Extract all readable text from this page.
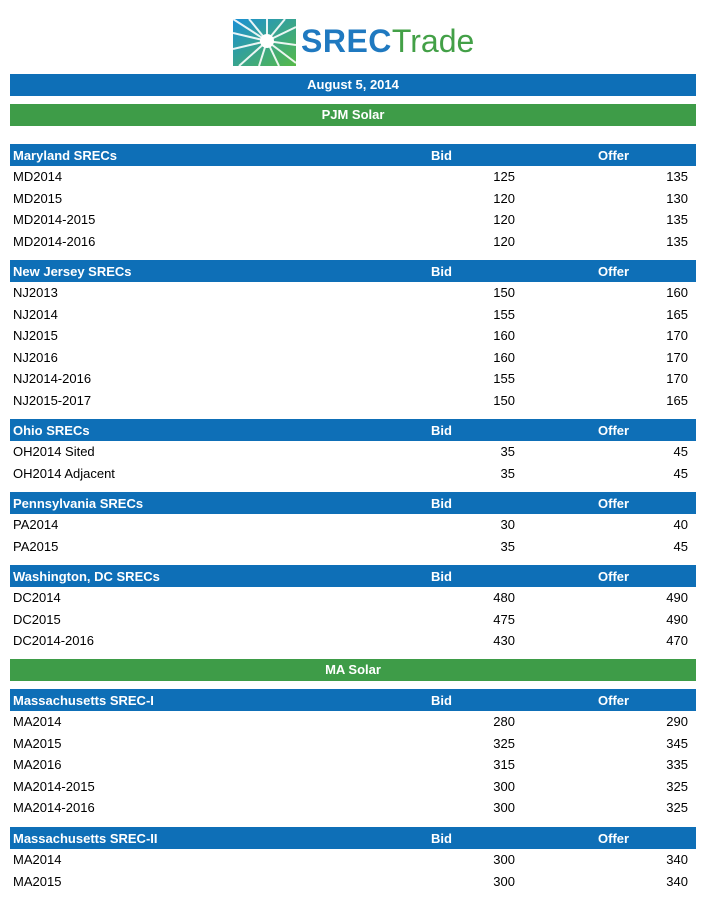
SRECTrade
August 5, 2014
PJM Solar
Maryland SRECs	Bid	Offer
MD2014	125	135
MD2015	120	130
MD2014-2015	120	135
MD2014-2016	120	135
New Jersey SRECs	Bid	Offer
NJ2013	150	160
NJ2014	155	165
NJ2015	160	170
NJ2016	160	170
NJ2014-2016	155	170
NJ2015-2017	150	165
Ohio SRECs	Bid	Offer
OH2014 Sited	35	45
OH2014 Adjacent	35	45
Pennsylvania SRECs	Bid	Offer
PA2014	30	40
PA2015	35	45
Washington, DC SRECs	Bid	Offer
DC2014	480	490
DC2015	475	490
DC2014-2016	430	470
MA Solar
Massachusetts SREC-I	Bid	Offer
MA2014	280	290
MA2015	325	345
MA2016	315	335
MA2014-2015	300	325
MA2014-2016	300	325
Massachusetts SREC-II	Bid	Offer
MA2014	300	340
MA2015	300	340
